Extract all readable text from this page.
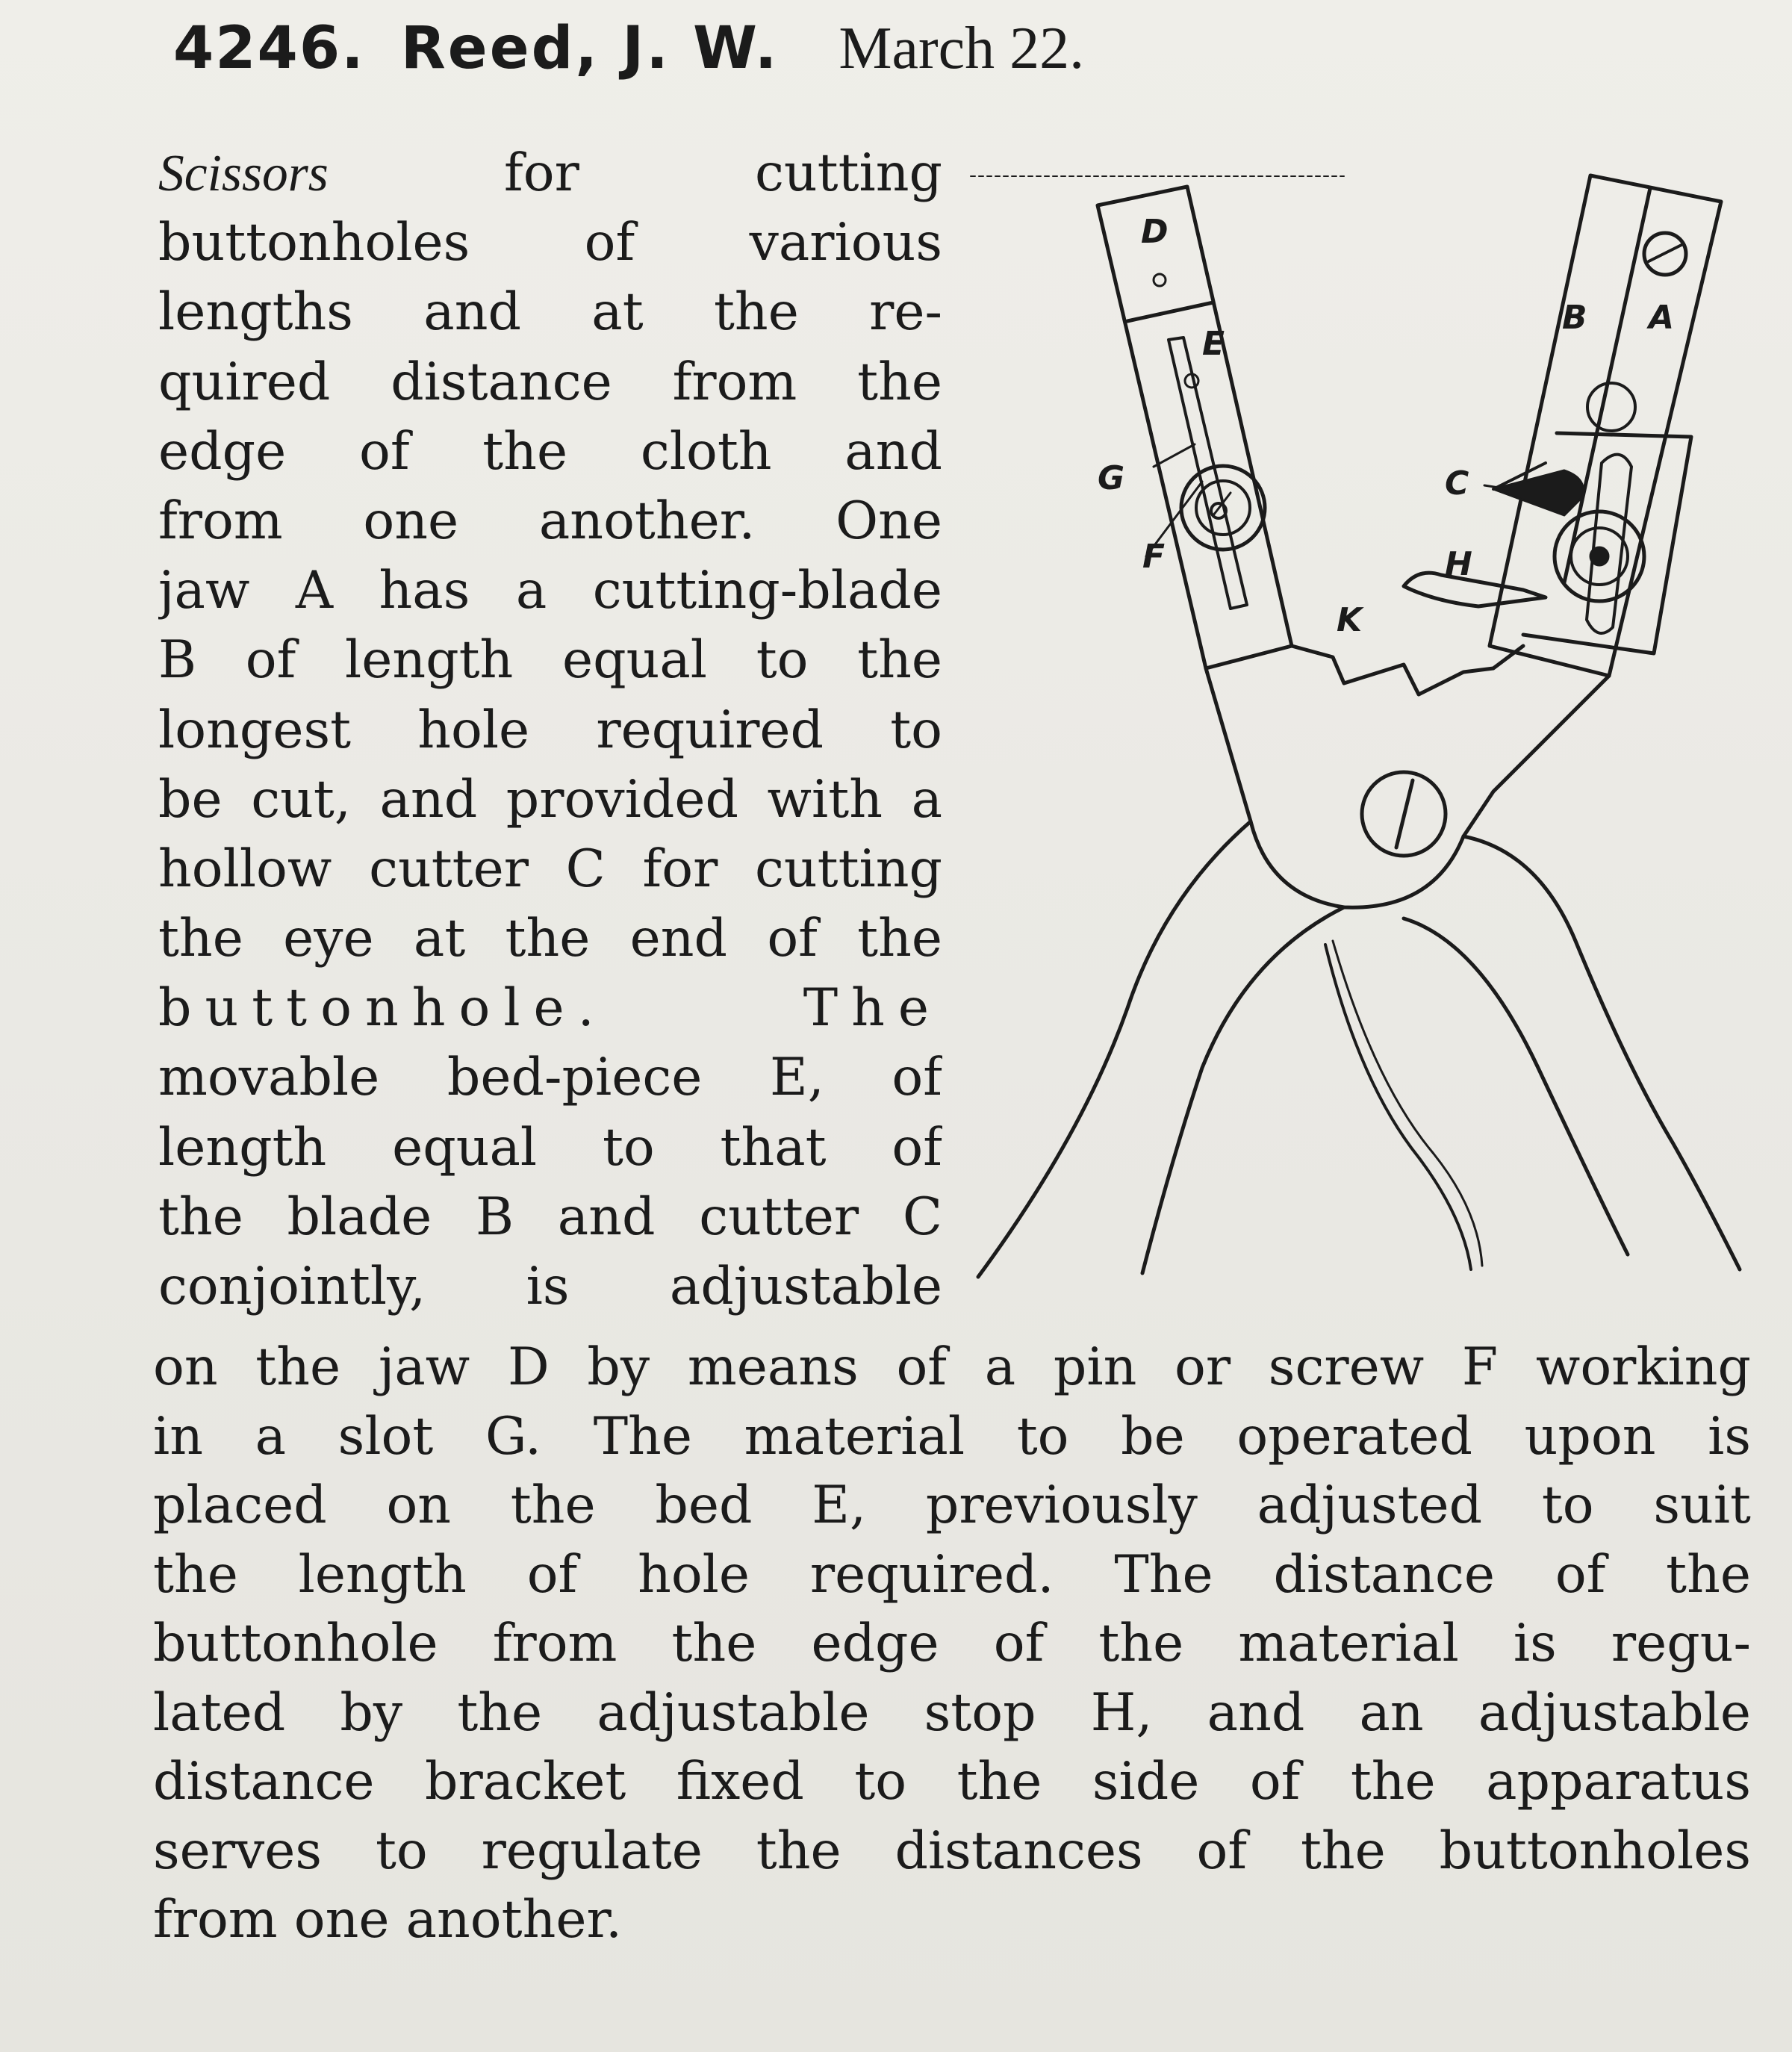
4246. Reed, J. W. March 22.
Scissors for cutting
buttonholes of various
lengths and at the re-
quired distance from the
edge of the cloth and
from one another. One
jaw A has a cutting-blade
B of length equal to the
longest hole required to
be cut, and provided with a
hollow cutter C for cutting
the eye at the end of the
buttonhole. The
movable bed-piece E, of
length equal to that of
the blade B and cutter C
conjointly, is adjustable
on the jaw D by means of a pin or screw F working
in a slot G. The material to be operated upon is
placed on the bed E, previously adjusted to suit
the length of hole required. The distance of the
buttonhole from the edge of the material is regu-
lated by the adjustable stop H, and an adjustable
distance bracket fixed to the side of the apparatus
serves to regulate the distances of the buttonholes
from one another.
D
E
G
F
K
B A
C
H
